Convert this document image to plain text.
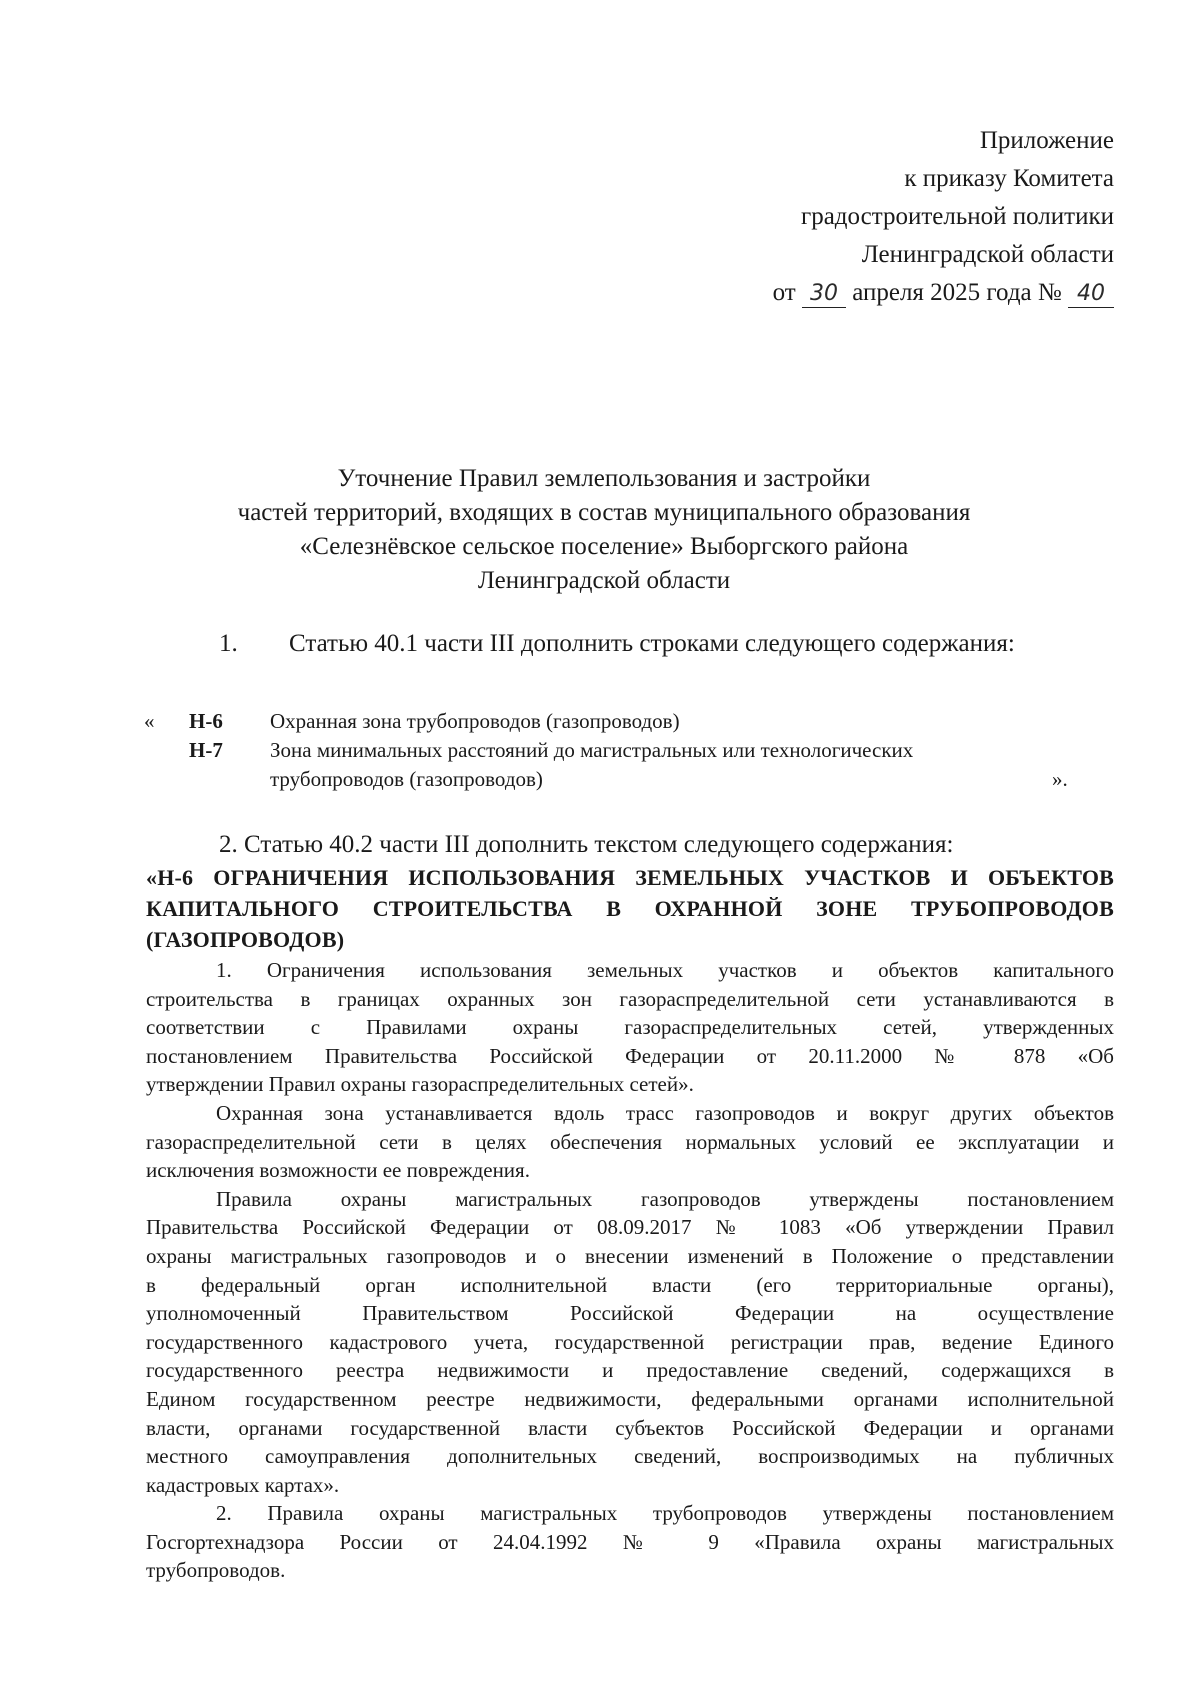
Приложение
к приказу Комитета
градостроительной политики
Ленинградской области
от 30 апреля 2025 года № 40
Уточнение Правил землепользования и застройки
частей территорий, входящих в состав муниципального образования
«Селезнёвское сельское поселение» Выборгского района
Ленинградской области
1. Статью 40.1 части III дополнить строками следующего содержания:
« Н-6 Охранная зона трубопроводов (газопроводов)
Н-7 Зона минимальных расстояний до магистральных или технологических
трубопроводов (газопроводов)	».
2. Статью 40.2 части III дополнить текстом следующего содержания:
«Н-6 ОГРАНИЧЕНИЯ ИСПОЛЬЗОВАНИЯ ЗЕМЕЛЬНЫХ УЧАСТКОВ И ОБЪЕКТОВ
КАПИТАЛЬНОГО СТРОИТЕЛЬСТВА В ОХРАННОЙ ЗОНЕ ТРУБОПРОВОДОВ
(ГАЗОПРОВОДОВ)
1. Ограничения использования земельных участков и объектов капитального
строительства в границах охранных зон газораспределительной сети устанавливаются в
соответствии с Правилами охраны газораспределительных сетей, утвержденных
постановлением Правительства Российской Федерации от 20.11.2000 № 878 «Об
утверждении Правил охраны газораспределительных сетей».
Охранная зона устанавливается вдоль трасс газопроводов и вокруг других объектов
газораспределительной сети в целях обеспечения нормальных условий ее эксплуатации и
исключения возможности ее повреждения.
Правила охраны магистральных газопроводов утверждены постановлением
Правительства Российской Федерации от 08.09.2017 № 1083 «Об утверждении Правил
охраны магистральных газопроводов и о внесении изменений в Положение о представлении
в федеральный орган исполнительной власти (его территориальные органы),
уполномоченный Правительством Российской Федерации на осуществление
государственного кадастрового учета, государственной регистрации прав, ведение Единого
государственного реестра недвижимости и предоставление сведений, содержащихся в
Едином государственном реестре недвижимости, федеральными органами исполнительной
власти, органами государственной власти субъектов Российской Федерации и органами
местного самоуправления дополнительных сведений, воспроизводимых на публичных
кадастровых картах».
2. Правила охраны магистральных трубопроводов утверждены постановлением
Госгортехнадзора России от 24.04.1992 № 9 «Правила охраны магистральных
трубопроводов.
